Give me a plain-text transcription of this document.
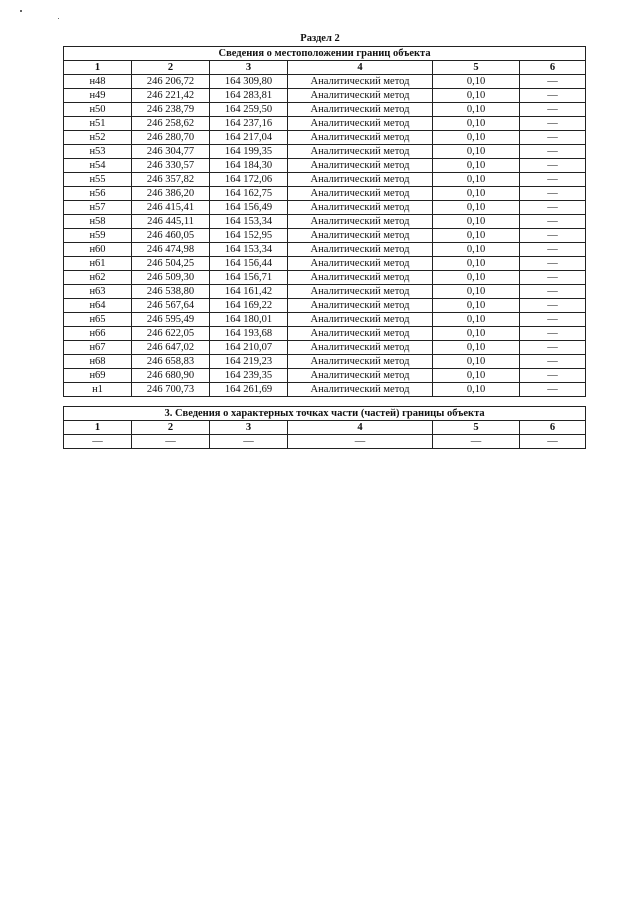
Раздел 2
Сведения о местоположении границ объекта					
1	2	3	4	5	6
н48	246 206,72	164 309,80	Аналитический метод	0,10	—
н49	246 221,42	164 283,81	Аналитический метод	0,10	—
н50	246 238,79	164 259,50	Аналитический метод	0,10	—
н51	246 258,62	164 237,16	Аналитический метод	0,10	—
н52	246 280,70	164 217,04	Аналитический метод	0,10	—
н53	246 304,77	164 199,35	Аналитический метод	0,10	—
н54	246 330,57	164 184,30	Аналитический метод	0,10	—
н55	246 357,82	164 172,06	Аналитический метод	0,10	—
н56	246 386,20	164 162,75	Аналитический метод	0,10	—
н57	246 415,41	164 156,49	Аналитический метод	0,10	—
н58	246 445,11	164 153,34	Аналитический метод	0,10	—
н59	246 460,05	164 152,95	Аналитический метод	0,10	—
н60	246 474,98	164 153,34	Аналитический метод	0,10	—
н61	246 504,25	164 156,44	Аналитический метод	0,10	—
н62	246 509,30	164 156,71	Аналитический метод	0,10	—
н63	246 538,80	164 161,42	Аналитический метод	0,10	—
н64	246 567,64	164 169,22	Аналитический метод	0,10	—
н65	246 595,49	164 180,01	Аналитический метод	0,10	—
н66	246 622,05	164 193,68	Аналитический метод	0,10	—
н67	246 647,02	164 210,07	Аналитический метод	0,10	—
н68	246 658,83	164 219,23	Аналитический метод	0,10	—
н69	246 680,90	164 239,35	Аналитический метод	0,10	—
н1	246 700,73	164 261,69	Аналитический метод	0,10	—
3. Сведения о характерных точках части (частей) границы объекта					
1	2	3	4	5	6
—	—	—	—	—	—
